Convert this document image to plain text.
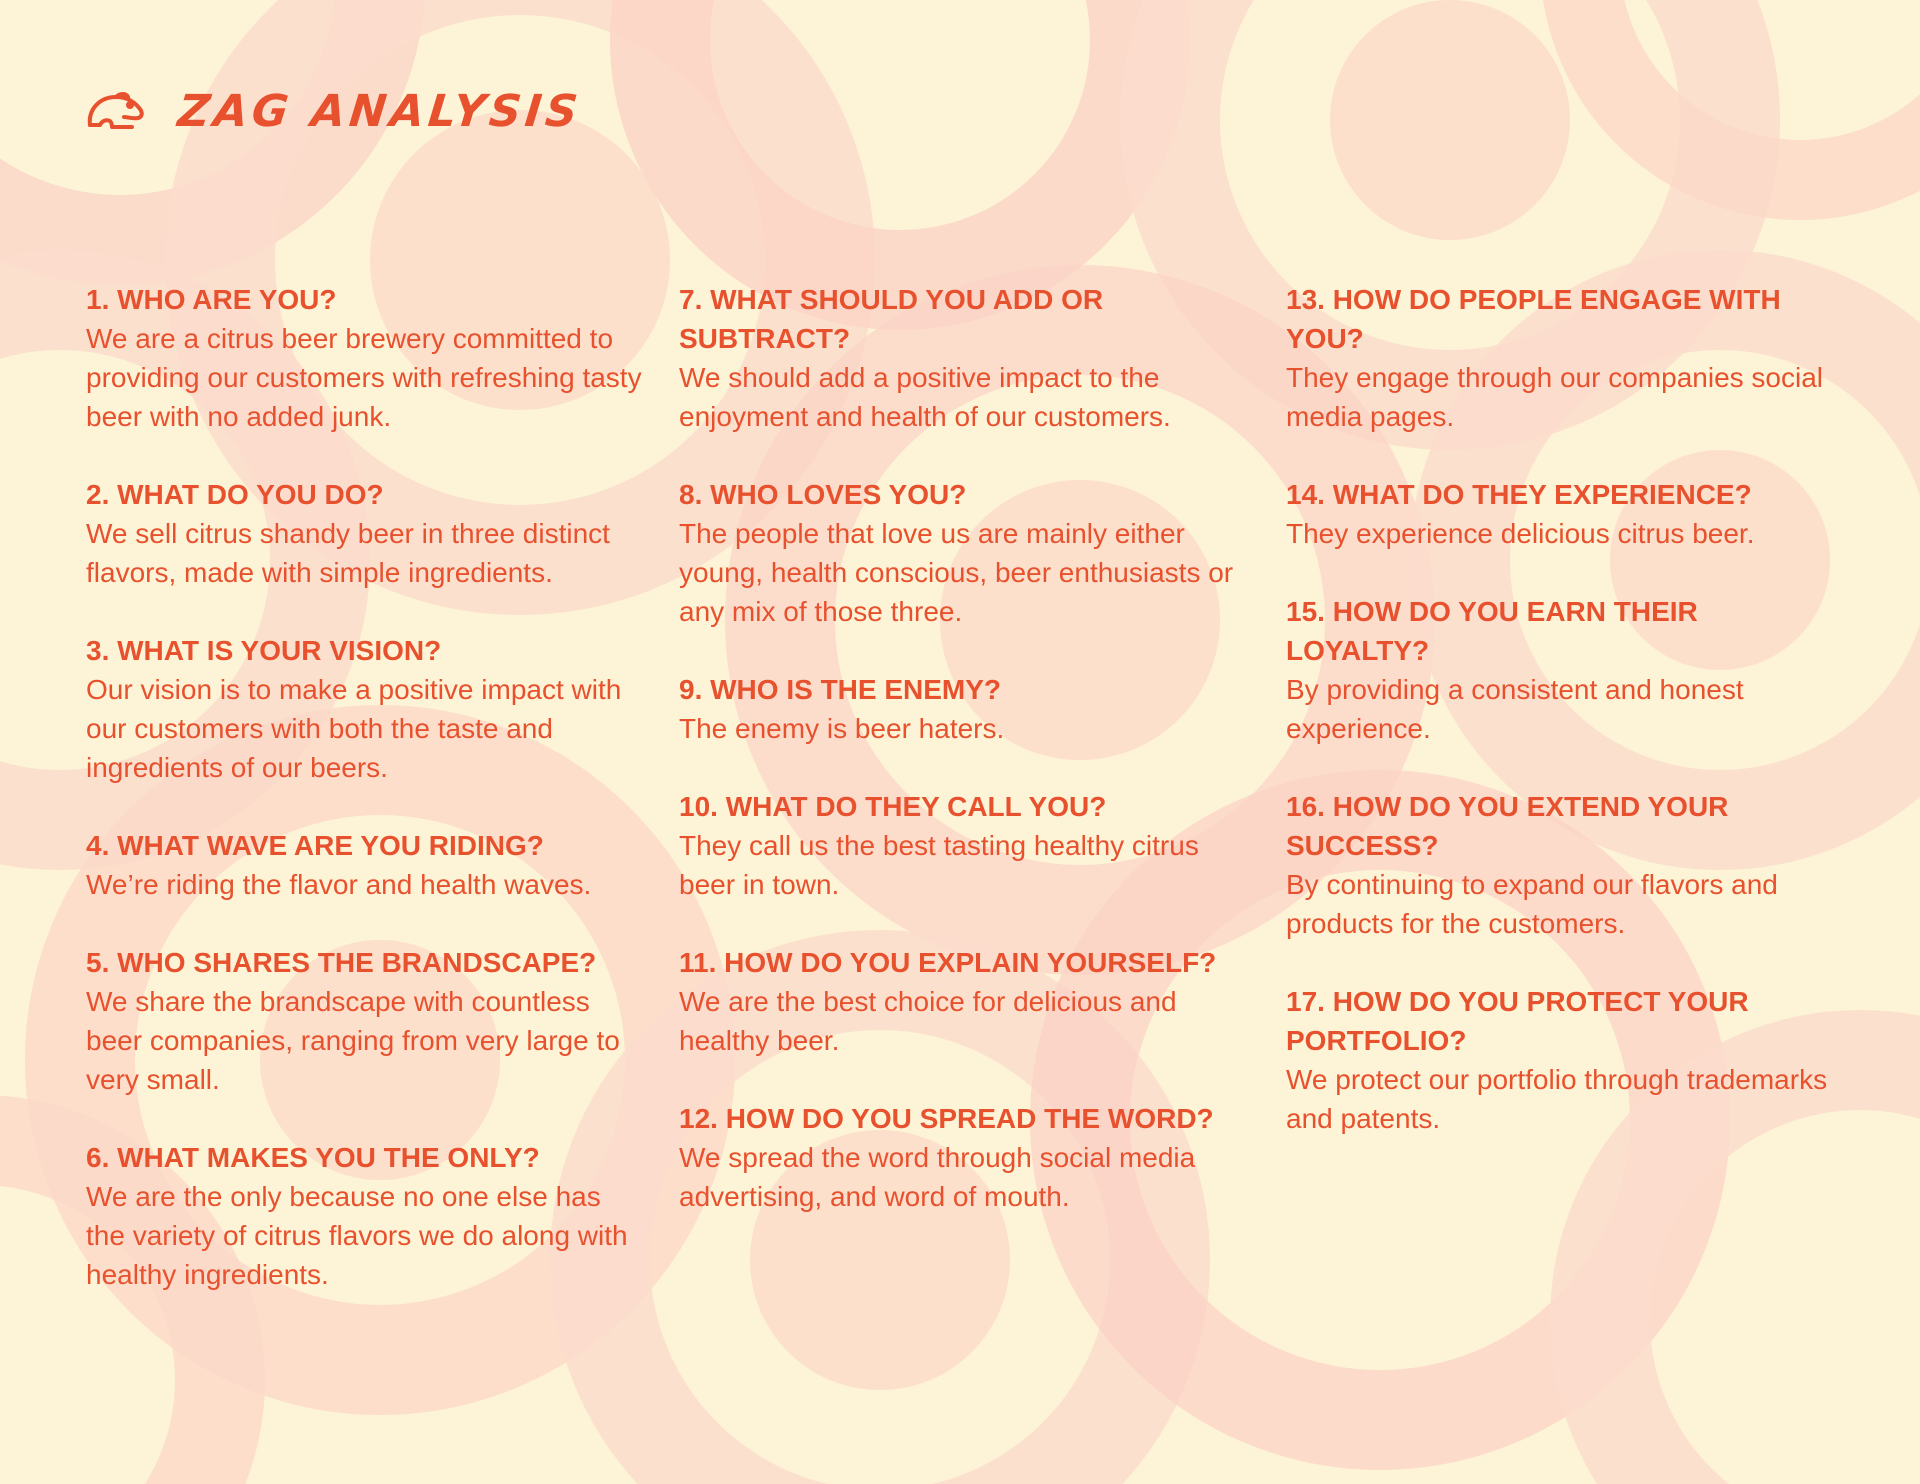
ZAG ANALYSIS

1. WHO ARE YOU?

We are a citrus beer brewery committed to providing our customers with refreshing tasty beer with no added junk.

2. WHAT DO YOU DO?

We sell citrus shandy beer in three distinct flavors, made with simple ingredients.

3. WHAT IS YOUR VISION?

Our vision is to make a positive impact with our customers with both the taste and ingredients of our beers.

4. WHAT WAVE ARE YOU RIDING?

We’re riding the flavor and health waves.

5. WHO SHARES THE BRANDSCAPE?

We share the brandscape with countless beer companies, ranging from very large to very small.

6. WHAT MAKES YOU THE ONLY?

We are the only because no one else has the variety of citrus flavors we do along with healthy ingredients.

7. WHAT SHOULD YOU ADD OR SUBTRACT?

We should add a positive impact to the enjoyment and health of our customers.

8. WHO LOVES YOU?

The people that love us are mainly either young, health conscious, beer enthusiasts or any mix of those three.

9. WHO IS THE ENEMY?

The enemy is beer haters.

10. WHAT DO THEY CALL YOU?

They call us the best tasting healthy citrus beer in town.

11. HOW DO YOU EXPLAIN YOURSELF?

We are the best choice for delicious and healthy beer.

12. HOW DO YOU SPREAD THE WORD?

We spread the word through social media advertising, and word of mouth.

13. HOW DO PEOPLE ENGAGE WITH YOU?

They engage through our companies social media pages.

14. WHAT DO THEY EXPERIENCE?

They experience delicious citrus beer.

15. HOW DO YOU EARN THEIR LOYALTY?

By providing a consistent and honest experience.

16. HOW DO YOU EXTEND YOUR SUCCESS?

By continuing to expand our flavors and products for the customers.

17. HOW DO YOU PROTECT YOUR PORTFOLIO?

We protect our portfolio through trademarks and patents.
